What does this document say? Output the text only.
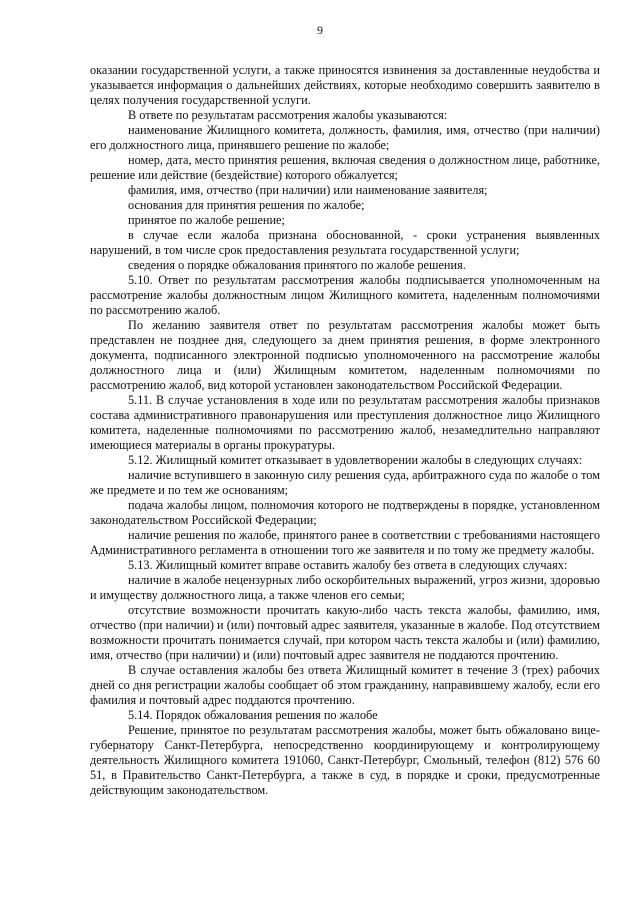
9

оказании государственной услуги, а также приносятся извинения за доставленные неудобства и указывается информация о дальнейших действиях, которые необходимо совершить заявителю в целях получения государственной услуги.

В ответе по результатам рассмотрения жалобы указываются:

наименование Жилищного комитета, должность, фамилия, имя, отчество (при наличии) его должностного лица, принявшего решение по жалобе;

номер, дата, место принятия решения, включая сведения о должностном лице, работнике, решение или действие (бездействие) которого обжалуется;

фамилия, имя, отчество (при наличии) или наименование заявителя;

основания для принятия решения по жалобе;

принятое по жалобе решение;

в случае если жалоба признана обоснованной, - сроки устранения выявленных нарушений, в том числе срок предоставления результата государственной услуги;

сведения о порядке обжалования принятого по жалобе решения.

5.10. Ответ по результатам рассмотрения жалобы подписывается уполномоченным на рассмотрение жалобы должностным лицом Жилищного комитета, наделенным полномочиями по рассмотрению жалоб.

По желанию заявителя ответ по результатам рассмотрения жалобы может быть представлен не позднее дня, следующего за днем принятия решения, в форме электронного документа, подписанного электронной подписью уполномоченного на рассмотрение жалобы должностного лица и (или) Жилищным комитетом, наделенным полномочиями по рассмотрению жалоб, вид которой установлен законодательством Российской Федерации.

5.11. В случае установления в ходе или по результатам рассмотрения жалобы признаков состава административного правонарушения или преступления должностное лицо Жилищного комитета, наделенные полномочиями по рассмотрению жалоб, незамедлительно направляют имеющиеся материалы в органы прокуратуры.

5.12. Жилищный комитет отказывает в удовлетворении жалобы в следующих случаях:

наличие вступившего в законную силу решения суда, арбитражного суда по жалобе о том же предмете и по тем же основаниям;

подача жалобы лицом, полномочия которого не подтверждены в порядке, установленном законодательством Российской Федерации;

наличие решения по жалобе, принятого ранее в соответствии с требованиями настоящего Административного регламента в отношении того же заявителя и по тому же предмету жалобы.

5.13. Жилищный комитет вправе оставить жалобу без ответа в следующих случаях:

наличие в жалобе нецензурных либо оскорбительных выражений, угроз жизни, здоровью и имуществу должностного лица, а также членов его семьи;

отсутствие возможности прочитать какую-либо часть текста жалобы, фамилию, имя, отчество (при наличии) и (или) почтовый адрес заявителя, указанные в жалобе. Под отсутствием возможности прочитать понимается случай, при котором часть текста жалобы и (или) фамилию, имя, отчество (при наличии) и (или) почтовый адрес заявителя не поддаются прочтению.

В случае оставления жалобы без ответа Жилищный комитет в течение 3 (трех) рабочих дней со дня регистрации жалобы сообщает об этом гражданину, направившему жалобу, если его фамилия и почтовый адрес поддаются прочтению.

5.14. Порядок обжалования решения по жалобе

Решение, принятое по результатам рассмотрения жалобы, может быть обжаловано вице-губернатору Санкт-Петербурга, непосредственно координирующему и контролирующему деятельность Жилищного комитета 191060, Санкт-Петербург, Смольный, телефон (812) 576 60 51, в Правительство Санкт-Петербурга, а также в суд, в порядке и сроки, предусмотренные действующим законодательством.
